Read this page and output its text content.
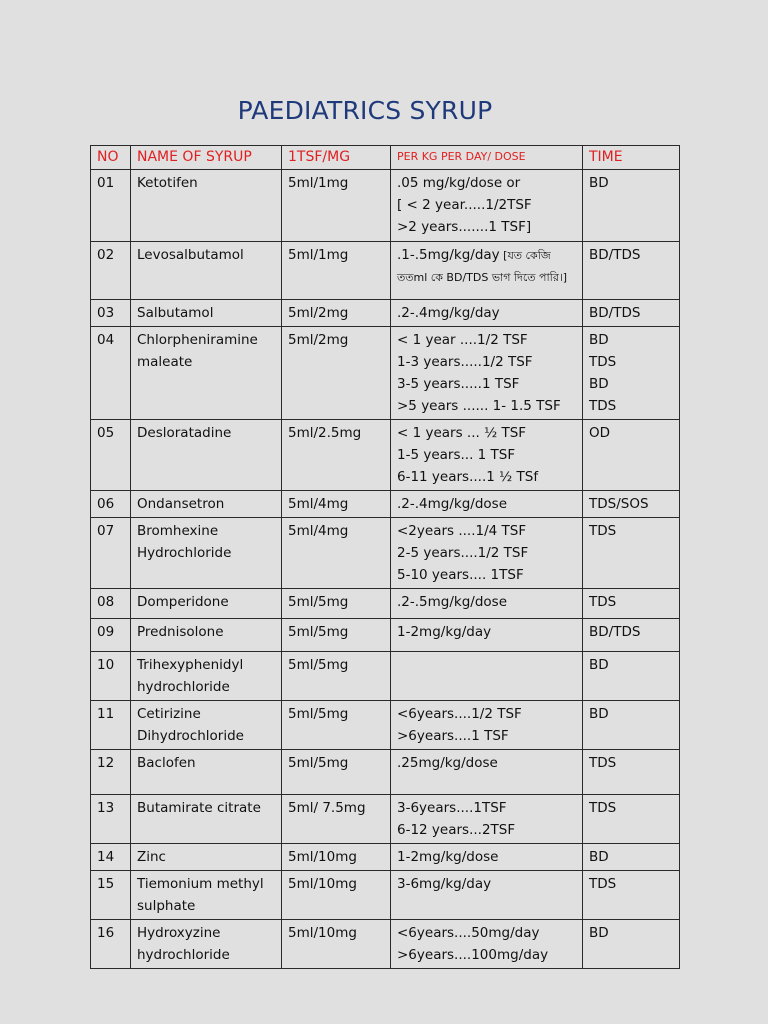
PAEDIATRICS SYRUP
NO	NAME OF SYRUP	1TSF/MG	PER KG PER DAY/ DOSE	TIME
01	Ketotifen	5ml/1mg	.05 mg/kg/dose or
[ < 2 year.....1/2TSF
>2 years.......1 TSF]	BD

02	Levosalbutamol	5ml/1mg	.1-.5mg/kg/day [যত কেজি ততml কে BD/TDS ভাগ দিতে পারি।]	BD/TDS

03	Salbutamol	5ml/2mg	.2-.4mg/kg/day	BD/TDS

04	Chlorpheniramine
maleate	5ml/2mg	< 1 year ....1/2 TSF
1-3 years.....1/2 TSF
3-5 years.....1 TSF
>5 years ...... 1- 1.5 TSF	BD
TDS
BD
TDS

05	Desloratadine	5ml/2.5mg	< 1 years ... ½ TSF
1-5 years... 1 TSF
6-11 years....1 ½ TSf	OD

06	Ondansetron	5ml/4mg	.2-.4mg/kg/dose	TDS/SOS

07	Bromhexine
Hydrochloride	5ml/4mg	<2years ....1/4 TSF
2-5 years....1/2 TSF
5-10 years.... 1TSF	TDS

08	Domperidone	5ml/5mg	.2-.5mg/kg/dose	TDS

09	Prednisolone	5ml/5mg	1-2mg/kg/day	BD/TDS

10	Trihexyphenidyl
hydrochloride	5ml/5mg		BD

11	Cetirizine
Dihydrochloride	5ml/5mg	<6years....1/2 TSF
>6years....1 TSF	BD

12	Baclofen	5ml/5mg	.25mg/kg/dose	TDS

13	Butamirate citrate	5ml/ 7.5mg	3-6years....1TSF
6-12 years...2TSF	TDS

14	Zinc	5ml/10mg	1-2mg/kg/dose	BD

15	Tiemonium methyl
sulphate	5ml/10mg	3-6mg/kg/day	TDS

16	Hydroxyzine
hydrochloride	5ml/10mg	<6years....50mg/day
>6years....100mg/day	BD
